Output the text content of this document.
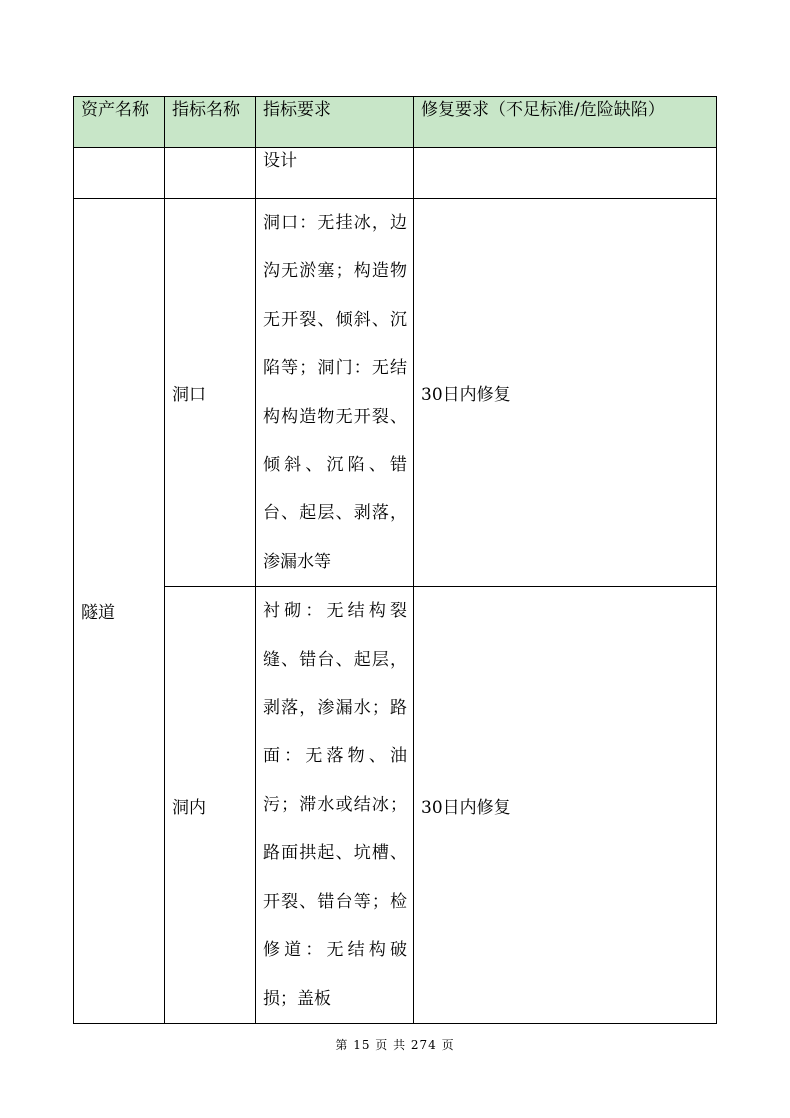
资产名称	指标名称	指标要求	修复要求（不足标准/危险缺陷）
		设计	
隧道	洞口	洞口：无挂冰，边沟无淤塞；构造物无开裂、倾斜、沉陷等；洞门：无结构构造物无开裂、倾斜、沉陷、错台、起层、剥落，渗漏水等	30日内修复
	洞内	衬砌：无结构裂缝、错台、起层，剥落，渗漏水；路面：无落物、油污；滞水或结冰；路面拱起、坑槽、开裂、错台等；检修道：无结构破损；盖板	30日内修复
第 15 页 共 274 页
